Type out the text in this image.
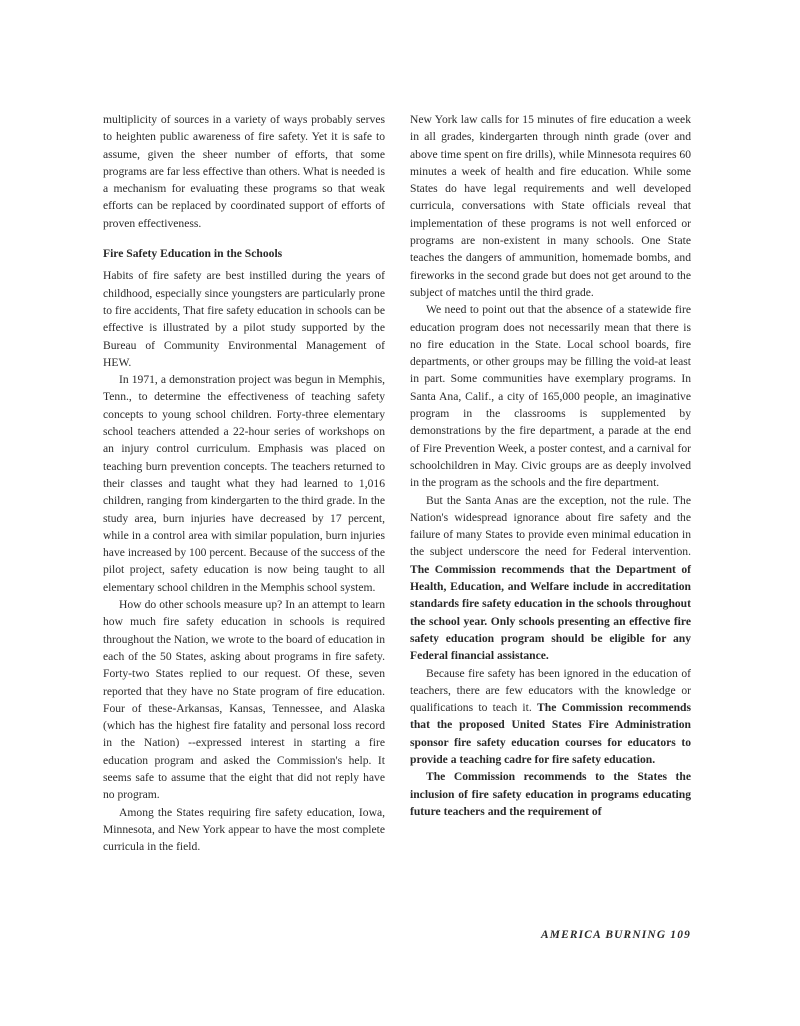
multiplicity of sources in a variety of ways probably serves to heighten public awareness of fire safety. Yet it is safe to assume, given the sheer number of efforts, that some programs are far less effective than others. What is needed is a mechanism for evaluating these programs so that weak efforts can be replaced by coordinated support of efforts of proven effectiveness.

Fire Safety Education in the Schools

Habits of fire safety are best instilled during the years of childhood, especially since youngsters are particularly prone to fire accidents, That fire safety education in schools can be effective is illustrated by a pilot study supported by the Bureau of Community Environmental Management of HEW.

In 1971, a demonstration project was begun in Memphis, Tenn., to determine the effectiveness of teaching safety concepts to young school children. Forty-three elementary school teachers attended a 22-hour series of workshops on an injury control curriculum. Emphasis was placed on teaching burn prevention concepts. The teachers returned to their classes and taught what they had learned to 1,016 children, ranging from kindergarten to the third grade. In the study area, burn injuries have decreased by 17 percent, while in a control area with similar population, burn injuries have increased by 100 percent. Because of the success of the pilot project, safety education is now being taught to all elementary school children in the Memphis school system.

How do other schools measure up? In an attempt to learn how much fire safety education in schools is required throughout the Nation, we wrote to the board of education in each of the 50 States, asking about programs in fire safety. Forty-two States replied to our request. Of these, seven reported that they have no State program of fire education. Four of these-Arkansas, Kansas, Tennessee, and Alaska (which has the highest fire fatality and personal loss record in the Nation) --expressed interest in starting a fire education program and asked the Commission's help. It seems safe to assume that the eight that did not reply have no program.

Among the States requiring fire safety education, Iowa, Minnesota, and New York appear to have the most complete curricula in the field.

New York law calls for 15 minutes of fire education a week in all grades, kindergarten through ninth grade (over and above time spent on fire drills), while Minnesota requires 60 minutes a week of health and fire education. While some States do have legal requirements and well developed curricula, conversations with State officials reveal that implementation of these programs is not well enforced or programs are non-existent in many schools. One State teaches the dangers of ammunition, homemade bombs, and fireworks in the second grade but does not get around to the subject of matches until the third grade.

We need to point out that the absence of a statewide fire education program does not necessarily mean that there is no fire education in the State. Local school boards, fire departments, or other groups may be filling the void-at least in part. Some communities have exemplary programs. In Santa Ana, Calif., a city of 165,000 people, an imaginative program in the classrooms is supplemented by demonstrations by the fire department, a parade at the end of Fire Prevention Week, a poster contest, and a carnival for schoolchildren in May. Civic groups are as deeply involved in the program as the schools and the fire department.

But the Santa Anas are the exception, not the rule. The Nation's widespread ignorance about fire safety and the failure of many States to provide even minimal education in the subject underscore the need for Federal intervention. The Commission recommends that the Department of Health, Education, and Welfare include in accreditation standards fire safety education in the schools throughout the school year. Only schools presenting an effective fire safety education program should be eligible for any Federal financial assistance.

Because fire safety has been ignored in the education of teachers, there are few educators with the knowledge or qualifications to teach it. The Commission recommends that the proposed United States Fire Administration sponsor fire safety education courses for educators to provide a teaching cadre for fire safety education.

The Commission recommends to the States the inclusion of fire safety education in programs educating future teachers and the requirement of

AMERICA BURNING 109
